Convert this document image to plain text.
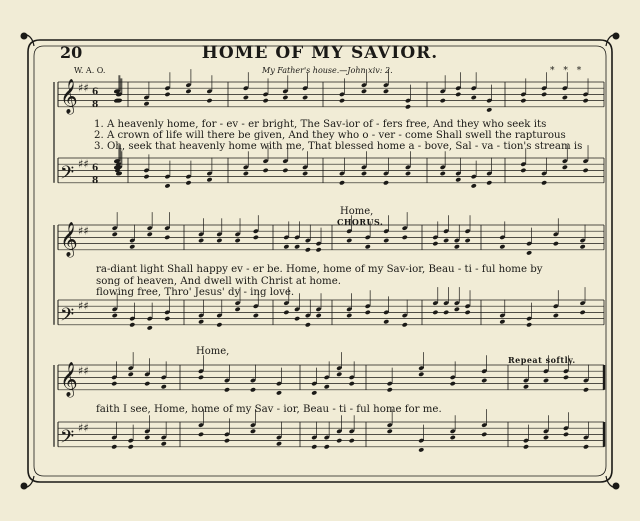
𝄞 ♯♯ 6
8
𝄢 ♯♯ 6
8
𝄞 ♯♯
𝄢 ♯♯
𝄞 ♯♯
𝄢 ♯♯
20	HOME OF MY SAVIOR.
W. A. O.	My Father's house.—John xiv: 2.	* * *
1. A heavenly home, for - ev - er bright, The Sav-ior of - fers free, And they who seek its
2. A crown of life will there be given, And they who o - ver - come Shall swell the rapturous
3. Oh, seek that heavenly home with me, That blessed home a - bove, Sal - va - tion's stream is
Home,
CHORUS.
ra-diant light Shall happy ev - er be. Home, home of my Sav-ior, Beau - ti - ful home by
song of heaven, And dwell with Christ at home.
flowing free, Thro' Jesus' dy - ing love.
Home,
Repeat softly.
faith I see, Home, home of my Sav - ior, Beau - ti - ful home for me.
